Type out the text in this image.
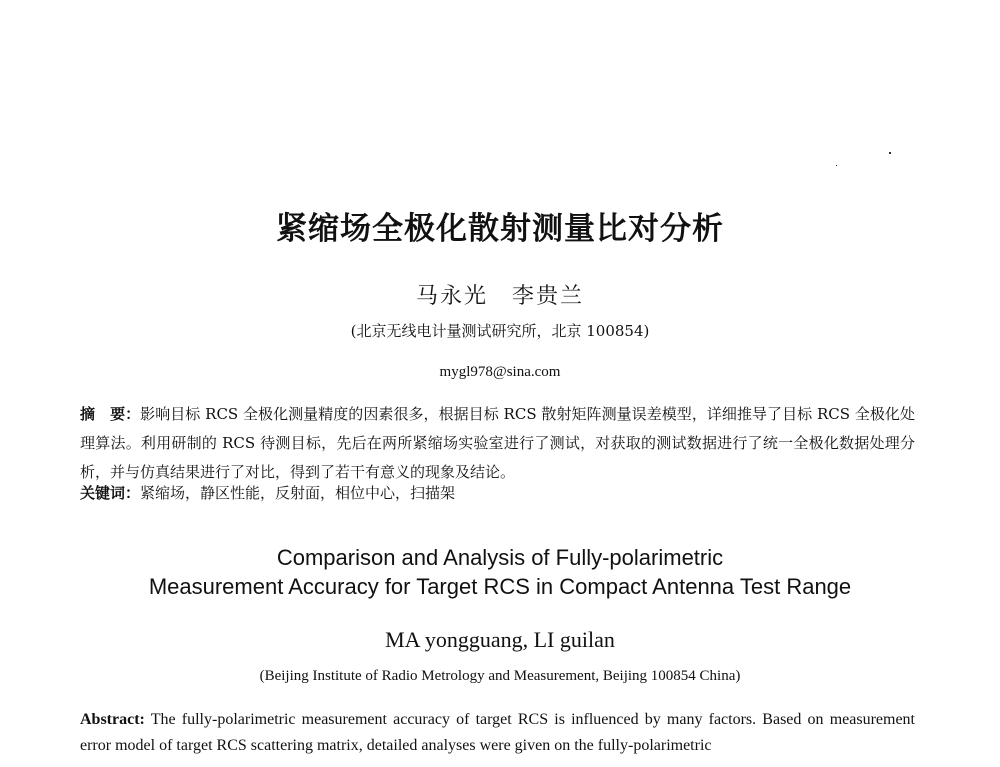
紧缩场全极化散射测量比对分析
马永光　李贵兰
(北京无线电计量测试研究所，北京 100854)
mygl978@sina.com
摘　要：影响目标 RCS 全极化测量精度的因素很多，根据目标 RCS 散射矩阵测量误差模型，详细推导了目标 RCS 全极化处理算法。利用研制的 RCS 待测目标，先后在两所紧缩场实验室进行了测试，对获取的测试数据进行了统一全极化数据处理分析，并与仿真结果进行了对比，得到了若干有意义的现象及结论。
关键词：紧缩场，静区性能，反射面，相位中心，扫描架
Comparison and Analysis of Fully-polarimetric
Measurement Accuracy for Target RCS in Compact Antenna Test Range
MA yongguang, LI guilan
(Beijing Institute of Radio Metrology and Measurement, Beijing 100854 China)
Abstract: The fully-polarimetric measurement accuracy of target RCS is influenced by many factors. Based on measurement error model of target RCS scattering matrix, detailed analyses were given on the fully-polarimetric
